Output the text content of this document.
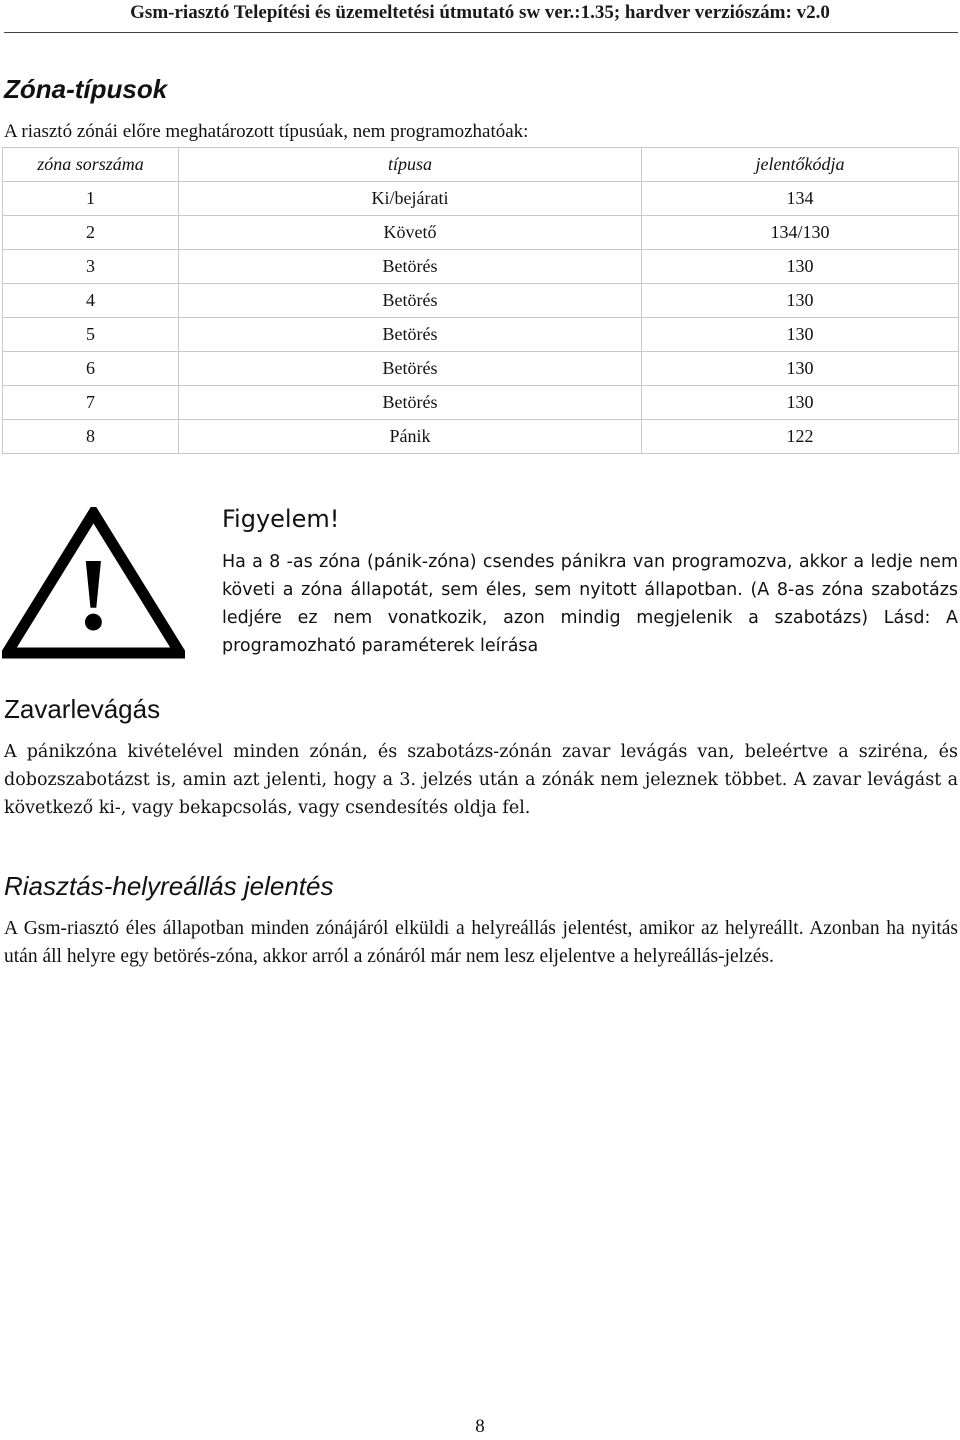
Gsm-riasztó Telepítési és üzemeltetési útmutató sw ver.:1.35; hardver verziószám: v2.0
Zóna-típusok
A riasztó zónái előre meghatározott típusúak, nem programozhatóak:
zóna sorszáma	típusa	jelentőkódja
1	Ki/bejárati	134
2	Követő	134/130
3	Betörés	130
4	Betörés	130
5	Betörés	130
6	Betörés	130
7	Betörés	130
8	Pánik	122
!
Figyelem!
Ha a 8 -as zóna (pánik-zóna) csendes pánikra van programozva, akkor a ledje nem követi a zóna állapotát, sem éles, sem nyitott állapotban. (A 8-as zóna szabotázs ledjére ez nem vonatkozik, azon mindig megjelenik a szabotázs) Lásd: A programozható paraméterek leírása
Zavarlevágás
A pánikzóna kivételével minden zónán, és szabotázs-zónán zavar levágás van, beleértve a sziréna, és dobozszabotázst is, amin azt jelenti, hogy a 3. jelzés után a zónák nem jeleznek többet. A zavar levágást a következő ki-, vagy bekapcsolás, vagy csendesítés oldja fel.
Riasztás-helyreállás jelentés
A Gsm-riasztó éles állapotban minden zónájáról elküldi a helyreállás jelentést, amikor az helyreállt. Azonban ha nyitás után áll helyre egy betörés-zóna, akkor arról a zónáról már nem lesz eljelentve a helyreállás-jelzés.
8
